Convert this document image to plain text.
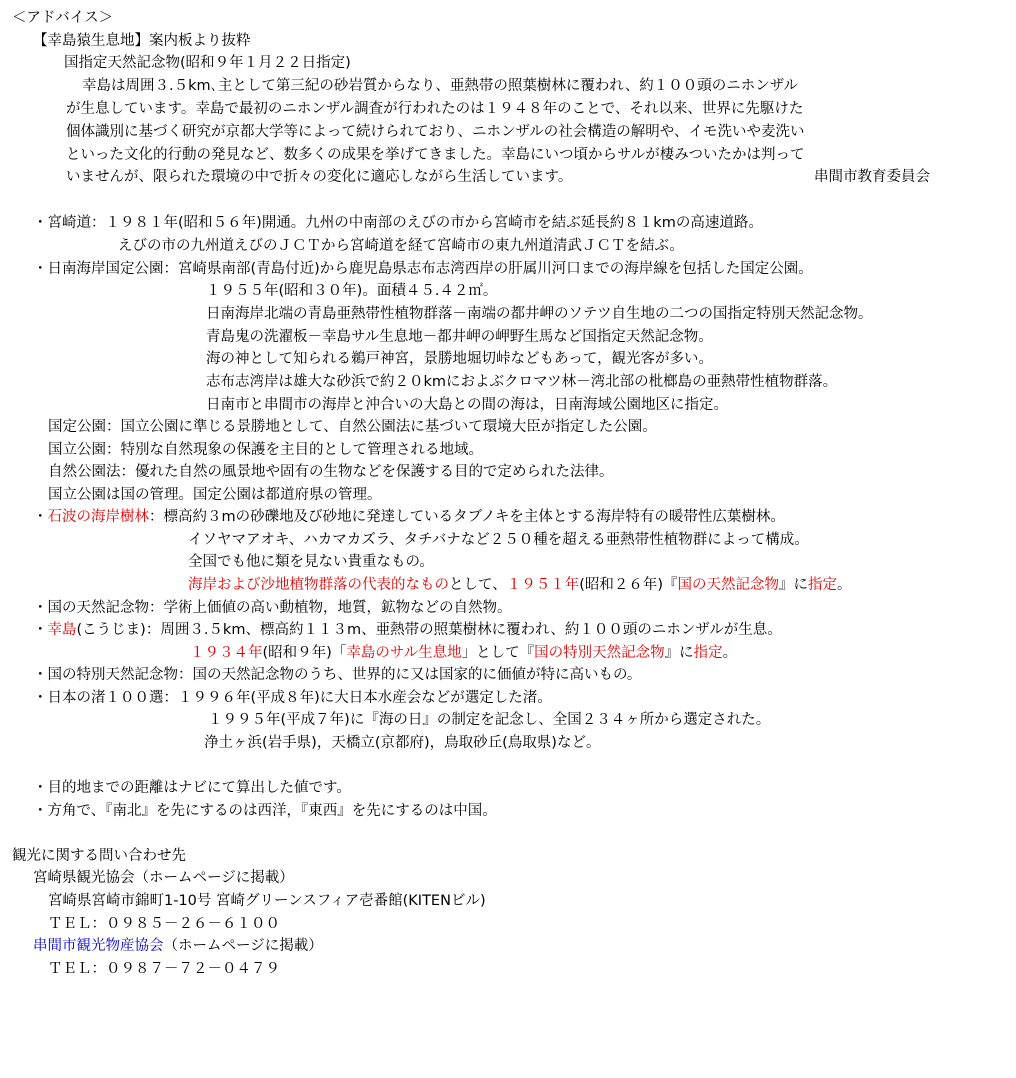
＜アドバイス＞
【幸島猿生息地】案内板より抜粋
国指定天然記念物(昭和９年１月２２日指定)
幸島は周囲３.５km､主として第三紀の砂岩質からなり、亜熱帯の照葉樹林に覆われ、約１００頭のニホンザル
が生息しています。幸島で最初のニホンザル調査が行われたのは１９４８年のことで、それ以来、世界に先駆けた
個体識別に基づく研究が京都大学等によって続けられており、ニホンザルの社会構造の解明や、イモ洗いや麦洗い
といった文化的行動の発見など、数多くの成果を挙げてきました。幸島にいつ頃からサルが棲みついたかは判って
いませんが、限られた環境の中で折々の変化に適応しながら生活しています。	串間市教育委員会
・宮崎道：１９８１年(昭和５６年)開通。九州の中南部のえびの市から宮崎市を結ぶ延長約８１kmの高速道路。
えびの市の九州道えびのＪＣＴから宮崎道を経て宮崎市の東九州道清武ＪＣＴを結ぶ。
・日南海岸国定公園：宮崎県南部(青島付近)から鹿児島県志布志湾西岸の肝属川河口までの海岸線を包括した国定公園。
１９５５年(昭和３０年)。面積４５.４２㎡。
日南海岸北端の青島亜熱帯性植物群落－南端の都井岬のソテツ自生地の二つの国指定特別天然記念物。
青島鬼の洗濯板－幸島サル生息地－都井岬の岬野生馬など国指定天然記念物。
海の神として知られる鵜戸神宮，景勝地堀切峠などもあって，観光客が多い。
志布志湾岸は雄大な砂浜で約２０kmにおよぶクロマツ林－湾北部の枇榔島の亜熱帯性植物群落。
日南市と串間市の海岸と沖合いの大島との間の海は，日南海域公園地区に指定。
国定公園：国立公園に準じる景勝地として、自然公園法に基づいて環境大臣が指定した公園。
国立公園：特別な自然現象の保護を主目的として管理される地域。
自然公園法：優れた自然の風景地や固有の生物などを保護する目的で定められた法律。
国立公園は国の管理。国定公園は都道府県の管理。
・石波の海岸樹林：標高約３mの砂礫地及び砂地に発達しているタブノキを主体とする海岸特有の暖帯性広葉樹林。
イソヤマアオキ、ハカマカズラ、タチバナなど２５０種を超える亜熱帯性植物群によって構成。
全国でも他に類を見ない貴重なもの。
海岸および沙地植物群落の代表的なものとして、１９５１年(昭和２６年)『国の天然記念物』に指定。
・国の天然記念物：学術上価値の高い動植物，地質，鉱物などの自然物。
・幸島(こうじま)：周囲３.５km、標高約１１３m、亜熱帯の照葉樹林に覆われ、約１００頭のニホンザルが生息。
１９３４年(昭和９年)「幸島のサル生息地」として『国の特別天然記念物』に指定。
・国の特別天然記念物：国の天然記念物のうち、世界的に又は国家的に価値が特に高いもの。
・日本の渚１００選：１９９６年(平成８年)に大日本水産会などが選定した渚。
１９９５年(平成７年)に『海の日』の制定を記念し、全国２３４ヶ所から選定された。
浄土ヶ浜(岩手県)，天橋立(京都府)，鳥取砂丘(鳥取県)など。
・目的地までの距離はナビにて算出した値です。
・方角で、『南北』を先にするのは西洋，『東西』を先にするのは中国。
観光に関する問い合わせ先
宮崎県観光協会（ホームページに掲載）
宮崎県宮崎市錦町1-10号 宮崎グリーンスフィア壱番館(KITENビル)
ＴＥＬ：０９８５－２６－６１００
串間市観光物産協会（ホームページに掲載）
ＴＥＬ：０９８７－７２－０４７９
